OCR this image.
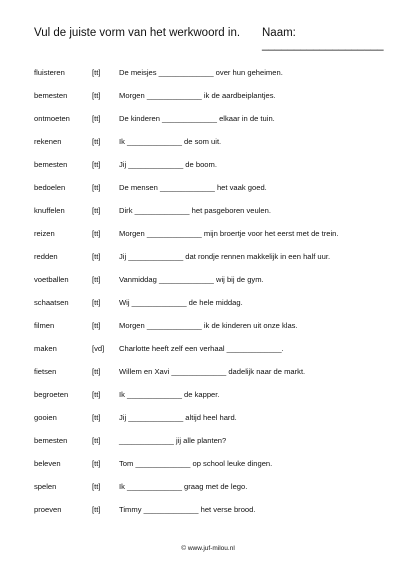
Vul de juiste vorm van het werkwoord in. Naam: ___________________
fluisteren	[tt] De meisjes _____________ over hun geheimen.
bemesten	[tt] Morgen _____________ ik de aardbeiplantjes.
ontmoeten	[tt] De kinderen _____________ elkaar in de tuin.
rekenen	[tt] Ik _____________ de som uit.
bemesten	[tt] Jij _____________ de boom.
bedoelen	[tt] De mensen _____________ het vaak goed.
knuffelen	[tt] Dirk _____________ het pasgeboren veulen.
reizen	[tt] Morgen _____________ mijn broertje voor het eerst met de trein.
redden	[tt] Jij _____________ dat rondje rennen makkelijk in een half uur.
voetballen	[tt] Vanmiddag _____________ wij bij de gym.
schaatsen	[tt] Wij _____________ de hele middag.
filmen	[tt] Morgen _____________ ik de kinderen uit onze klas.
maken	[vd] Charlotte heeft zelf een verhaal _____________.
fietsen	[tt] Willem en Xavi _____________ dadelijk naar de markt.
begroeten	[tt] Ik _____________ de kapper.
gooien	[tt] Jij _____________ altijd heel hard.
bemesten	[tt] _____________ jij alle planten?
beleven	[tt] Tom _____________ op school leuke dingen.
spelen	[tt] Ik _____________ graag met de lego.
proeven	[tt] Timmy _____________ het verse brood.
© www.juf-milou.nl
